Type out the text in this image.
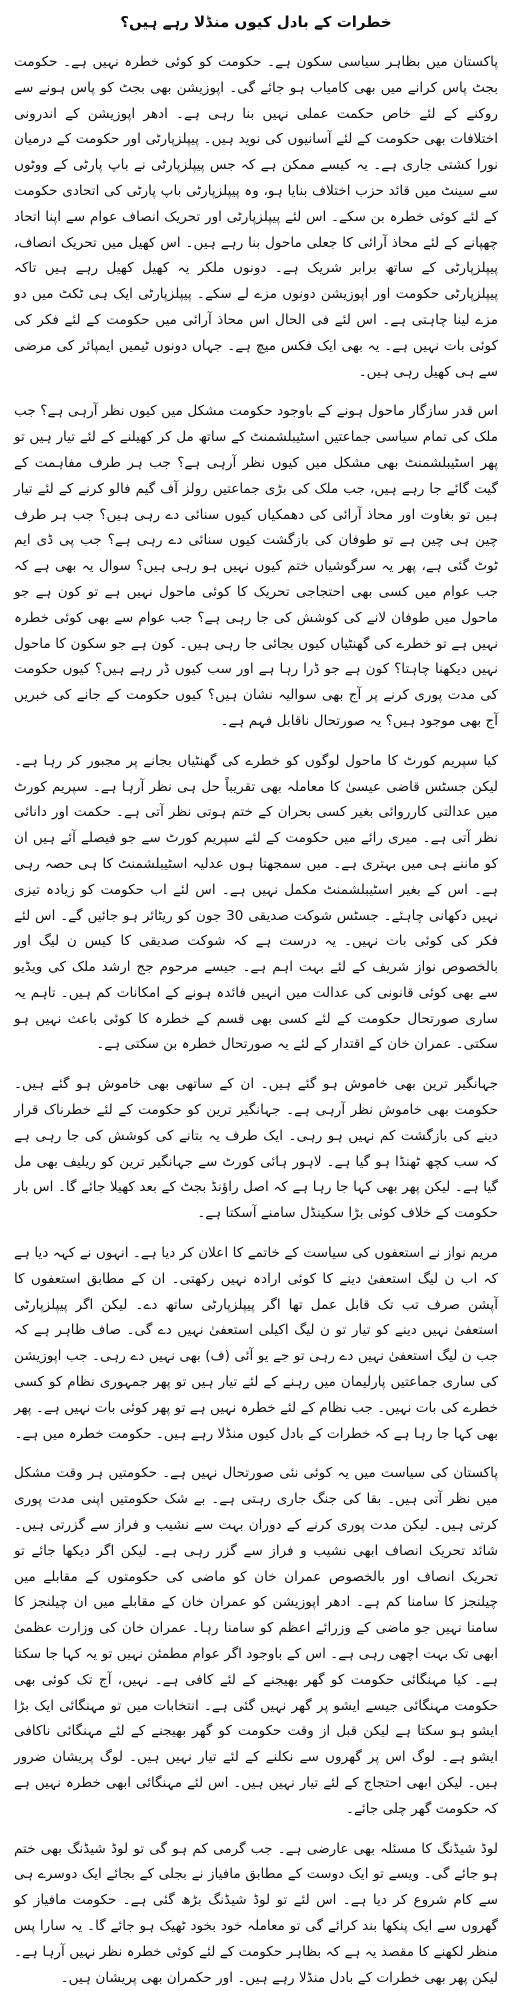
خطرات کے بادل کیوں منڈلا رہے ہیں؟

پاکستان میں بظاہر سیاسی سکون ہے۔ حکومت کو کوئی خطرہ نہیں ہے۔ حکومت بجٹ پاس کرانے میں بھی کامیاب ہو جائے گی۔ اپوزیشن بھی بجٹ کو پاس ہونے سے روکنے کے لئے خاص حکمت عملی نہیں بنا رہی ہے۔ ادھر اپوزیشن کے اندرونی اختلافات بھی حکومت کے لئے آسانیوں کی نوید ہیں۔ پیپلزپارٹی اور حکومت کے درمیان نورا کشتی جاری ہے۔ یہ کیسے ممکن ہے کہ جس پیپلزپارٹی نے باپ پارٹی کے ووٹوں سے سینٹ میں قائد حزب اختلاف بنایا ہو، وہ پیپلزپارٹی باپ پارٹی کی اتحادی حکومت کے لئے کوئی خطرہ بن سکے۔ اس لئے پیپلزپارٹی اور تحریک انصاف عوام سے اپنا اتحاد چھپانے کے لئے محاذ آرائی کا جعلی ماحول بنا رہے ہیں۔ اس کھیل میں تحریک انصاف، پیپلزپارٹی کے ساتھ برابر شریک ہے۔ دونوں ملکر یہ کھیل کھیل رہے ہیں تاکہ پیپلزپارٹی حکومت اور اپوزیشن دونوں مزے لے سکے۔ پیپلزپارٹی ایک ہی ٹکٹ میں دو مزے لینا چاہتی ہے۔ اس لئے فی الحال اس محاذ آرائی میں حکومت کے لئے فکر کی کوئی بات نہیں ہے۔ یہ بھی ایک فکس میچ ہے۔ جہاں دونوں ٹیمیں ایمپائر کی مرضی سے ہی کھیل رہی ہیں۔

اس قدر سازگار ماحول ہونے کے باوجود حکومت مشکل میں کیوں نظر آرہی ہے؟ جب ملک کی تمام سیاسی جماعتیں اسٹیبلشمنٹ کے ساتھ مل کر کھیلنے کے لئے تیار ہیں تو پھر اسٹیبلشمنٹ بھی مشکل میں کیوں نظر آرہی ہے؟ جب ہر طرف مفاہمت کے گیت گائے جا رہے ہیں، جب ملک کی بڑی جماعتیں رولز آف گیم فالو کرنے کے لئے تیار ہیں تو بغاوت اور محاذ آرائی کی دھمکیاں کیوں سنائی دے رہی ہیں؟ جب ہر طرف چین ہی چین ہے تو طوفان کی بازگشت کیوں سنائی دے رہی ہے؟ جب پی ڈی ایم ٹوٹ گئی ہے، پھر یہ سرگوشیاں ختم کیوں نہیں ہو رہی ہیں؟ سوال یہ بھی ہے کہ جب عوام میں کسی بھی احتجاجی تحریک کا کوئی ماحول نہیں ہے تو کون ہے جو ماحول میں طوفان لانے کی کوشش کی جا رہی ہے؟ جب عوام سے بھی کوئی خطرہ نہیں ہے تو خطرے کی گھنٹیاں کیوں بجائی جا رہی ہیں۔ کون ہے جو سکون کا ماحول نہیں دیکھنا چاہتا؟ کون ہے جو ڈرا رہا ہے اور سب کیوں ڈر رہے ہیں؟ کیوں حکومت کی مدت پوری کرنے پر آج بھی سوالیہ نشان ہیں؟ کیوں حکومت کے جانے کی خبریں آج بھی موجود ہیں؟ یہ صورتحال ناقابل فہم ہے۔

کیا سپریم کورٹ کا ماحول لوگوں کو خطرے کی گھنٹیاں بجانے پر مجبور کر رہا ہے۔ لیکن جسٹس قاضی عیسیٰ کا معاملہ بھی تقریباً حل ہی نظر آرہا ہے۔ سپریم کورٹ میں عدالتی کارروائی بغیر کسی بحران کے ختم ہوتی نظر آتی ہے۔ حکمت اور دانائی نظر آتی ہے۔ میری رائے میں حکومت کے لئے سپریم کورٹ سے جو فیصلے آئے ہیں ان کو ماننے ہی میں بہتری ہے۔ میں سمجھتا ہوں عدلیہ اسٹیبلشمنٹ کا ہی حصہ رہی ہے۔ اس کے بغیر اسٹیبلشمنٹ مکمل نہیں ہے۔ اس لئے اب حکومت کو زیادہ تیزی نہیں دکھانی چاہئے۔ جسٹس شوکت صدیقی 30 جون کو ریٹائر ہو جائیں گے۔ اس لئے فکر کی کوئی بات نہیں۔ یہ درست ہے کہ شوکت صدیقی کا کیس ن لیگ اور بالخصوص نواز شریف کے لئے بہت اہم ہے۔ جیسے مرحوم جج ارشد ملک کی ویڈیو سے بھی کوئی قانونی کی عدالت میں انہیں فائدہ ہونے کے امکانات کم ہیں۔ تاہم یہ ساری صورتحال حکومت کے لئے کسی بھی قسم کے خطرہ کا کوئی باعث نہیں ہو سکتی۔ عمران خان کے اقتدار کے لئے یہ صورتحال خطرہ بن سکتی ہے۔

جہانگیر ترین بھی خاموش ہو گئے ہیں۔ ان کے ساتھی بھی خاموش ہو گئے ہیں۔ حکومت بھی خاموش نظر آرہی ہے۔ جہانگیر ترین کو حکومت کے لئے خطرناک قرار دینے کی بازگشت کم نہیں ہو رہی۔ ایک طرف یہ بتانے کی کوشش کی جا رہی ہے کہ سب کچھ ٹھنڈا ہو گیا ہے۔ لاہور ہائی کورٹ سے جہانگیر ترین کو ریلیف بھی مل گیا ہے۔ لیکن پھر بھی کہا جا رہا ہے کہ اصل راؤنڈ بجٹ کے بعد کھیلا جائے گا۔ اس بار حکومت کے خلاف کوئی بڑا سکینڈل سامنے آسکتا ہے۔

مریم نواز نے استعفوں کی سیاست کے خاتمے کا اعلان کر دیا ہے۔ انہوں نے کہہ دیا ہے کہ اب ن لیگ استعفیٰ دینے کا کوئی ارادہ نہیں رکھتی۔ ان کے مطابق استعفوں کا آپشن صرف تب تک قابل عمل تھا اگر پیپلزپارٹی ساتھ دے۔ لیکن اگر پیپلزپارٹی استعفیٰ نہیں دینے کو تیار تو ن لیگ اکیلی استعفیٰ نہیں دے گی۔ صاف ظاہر ہے کہ جب ن لیگ استعفیٰ نہیں دے رہی تو جے یو آئی (ف) بھی نہیں دے رہی۔ جب اپوزیشن کی ساری جماعتیں پارلیمان میں رہنے کے لئے تیار ہیں تو پھر جمہوری نظام کو کسی خطرے کی بات نہیں۔ جب نظام کے لئے خطرہ نہیں ہے تو پھر کوئی بات نہیں ہے۔ پھر بھی کہا جا رہا ہے کہ خطرات کے بادل کیوں منڈلا رہے ہیں۔ حکومت خطرہ میں ہے۔

پاکستان کی سیاست میں یہ کوئی نئی صورتحال نہیں ہے۔ حکومتیں ہر وقت مشکل میں نظر آتی ہیں۔ بقا کی جنگ جاری رہتی ہے۔ بے شک حکومتیں اپنی مدت پوری کرتی ہیں۔ لیکن مدت پوری کرنے کے دوران بہت سے نشیب و فراز سے گزرتی ہیں۔ شائد تحریک انصاف ابھی نشیب و فراز سے گزر رہی ہے۔ لیکن اگر دیکھا جائے تو تحریک انصاف اور بالخصوص عمران خان کو ماضی کی حکومتوں کے مقابلے میں چیلنجز کا سامنا کم ہے۔ ادھر اپوزیشن کو عمران خان کے مقابلے میں ان چیلنجز کا سامنا نہیں جو ماضی کے وزرائے اعظم کو سامنا رہا۔ عمران خان کی وزارت عظمیٰ ابھی تک بہت اچھی رہی ہے۔ اس کے باوجود اگر عوام مطمئن نہیں تو یہ کہا جا سکتا ہے۔ کیا مہنگائی حکومت کو گھر بھیجنے کے لئے کافی ہے۔ نہیں، آج تک کوئی بھی حکومت مہنگائی جیسے ایشو پر گھر نہیں گئی ہے۔ انتخابات میں تو مہنگائی ایک بڑا ایشو ہو سکتا ہے لیکن قبل از وقت حکومت کو گھر بھیجنے کے لئے مہنگائی ناکافی ایشو ہے۔ لوگ اس پر گھروں سے نکلنے کے لئے تیار نہیں ہیں۔ لوگ پریشان ضرور ہیں۔ لیکن ابھی احتجاج کے لئے تیار نہیں ہیں۔ اس لئے مہنگائی ابھی خطرہ نہیں ہے کہ حکومت گھر چلی جائے۔

لوڈ شیڈنگ کا مسئلہ بھی عارضی ہے۔ جب گرمی کم ہو گی تو لوڈ شیڈنگ بھی ختم ہو جائے گی۔ ویسے تو ایک دوست کے مطابق مافیاز نے بجلی کے بجائے ایک دوسرے ہی سے کام شروع کر دیا ہے۔ اس لئے تو لوڈ شیڈنگ بڑھ گئی ہے۔ حکومت مافیاز کو گھروں سے ایک پنکھا بند کرائے گی تو معاملہ خود بخود ٹھیک ہو جائے گا۔ یہ سارا پس منظر لکھنے کا مقصد یہ ہے کہ بظاہر حکومت کے لئے کوئی خطرہ نظر نہیں آرہا ہے۔ لیکن پھر بھی خطرات کے بادل منڈلا رہے ہیں۔ اور حکمران بھی پریشان ہیں۔
